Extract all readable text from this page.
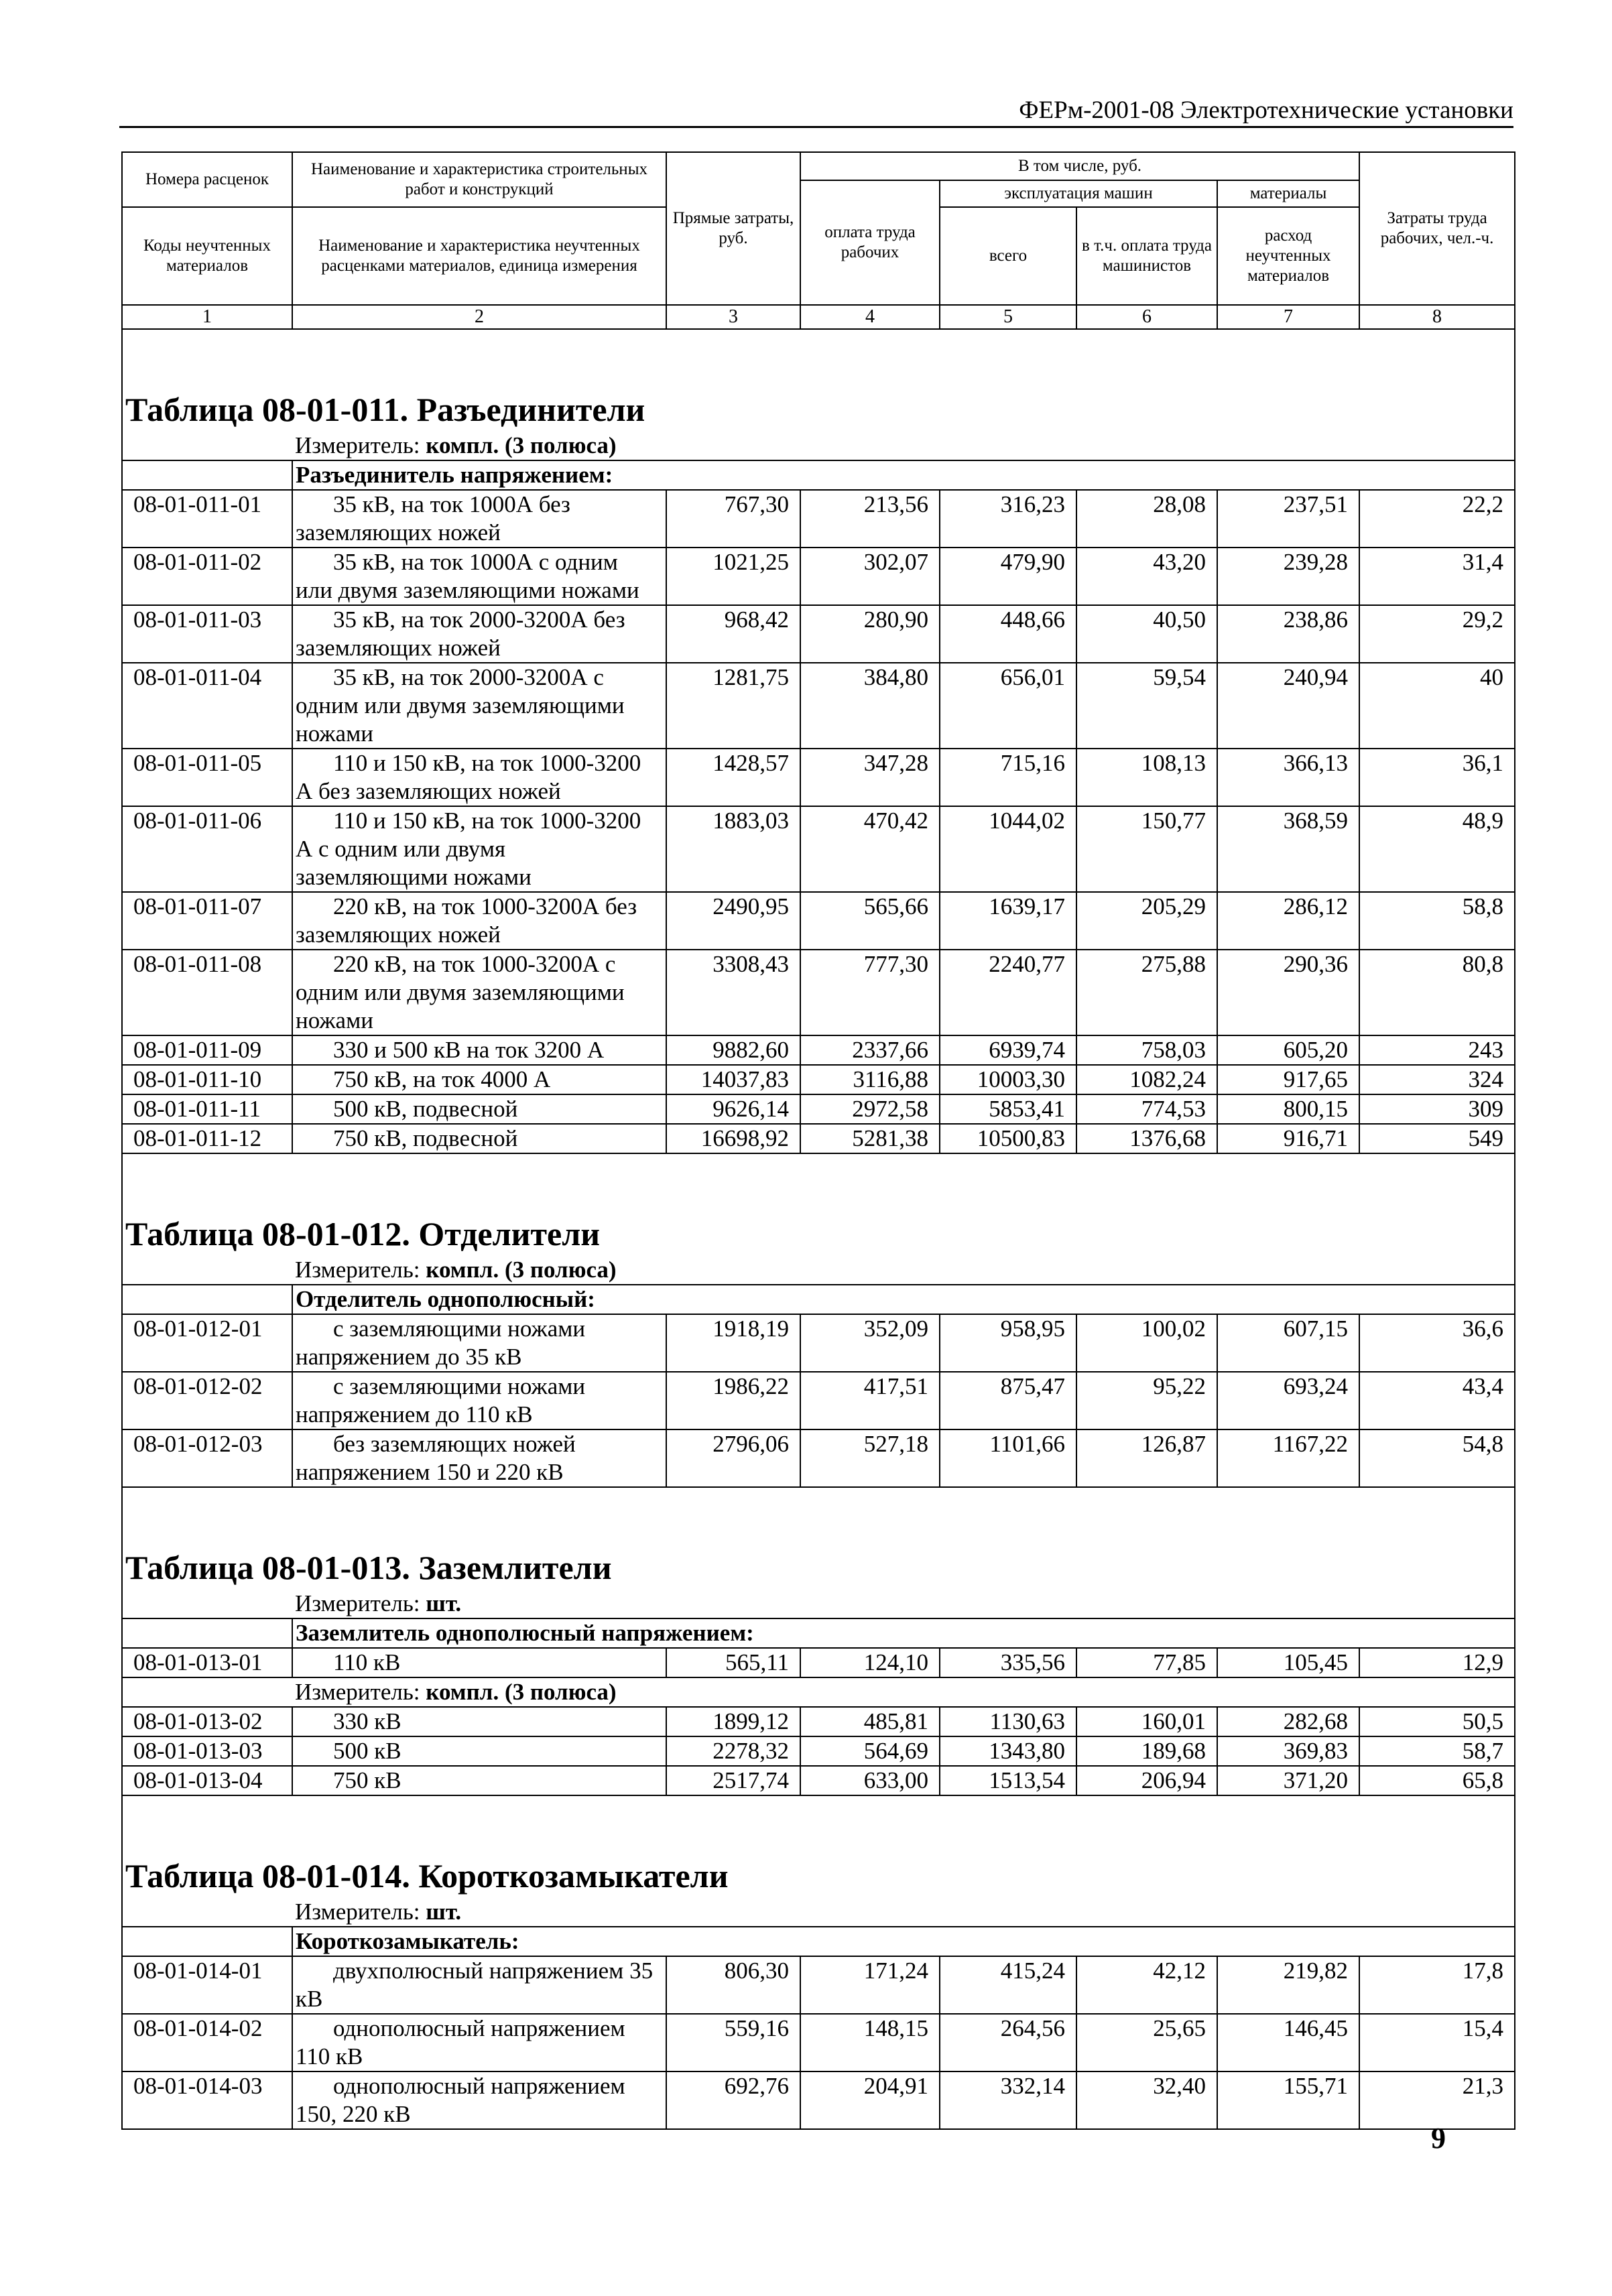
ФЕРм-2001-08 Электротехнические установки
Номера расценок	Наименование и характеристика строительных работ и конструкций	Прямые затраты, руб.	В том числе, руб.				Затраты труда рабочих, чел.-ч.
			оплата труда рабочих	эксплуатация машин		материалы	
Коды неучтенных материалов	Наименование и характеристика неучтенных расценками материалов, единица измерения			всего	в т.ч. оплата труда машинистов	расход неучтенных материалов	

1	2	3	4	5	6	7	8
Таблица 08-01-011. Разъединители							
	Измеритель: компл. (3 полюса)						
	Разъединитель напряжением:						
08-01-011-01	35 кВ, на ток 1000А без заземляющих ножей	767,30	213,56	316,23	28,08	237,51	22,2
08-01-011-02	35 кВ, на ток 1000А с одним или двумя заземляющими ножами	1021,25	302,07	479,90	43,20	239,28	31,4
08-01-011-03	35 кВ, на ток 2000-3200А без заземляющих ножей	968,42	280,90	448,66	40,50	238,86	29,2
08-01-011-04	35 кВ, на ток 2000-3200А с одним или двумя заземляющими ножами	1281,75	384,80	656,01	59,54	240,94	40
08-01-011-05	110 и 150 кВ, на ток 1000-3200 А без заземляющих ножей	1428,57	347,28	715,16	108,13	366,13	36,1
08-01-011-06	110 и 150 кВ, на ток 1000-3200 А с одним или двумя заземляющими ножами	1883,03	470,42	1044,02	150,77	368,59	48,9
08-01-011-07	220 кВ, на ток 1000-3200А без заземляющих ножей	2490,95	565,66	1639,17	205,29	286,12	58,8
08-01-011-08	220 кВ, на ток 1000-3200А с одним или двумя заземляющими ножами	3308,43	777,30	2240,77	275,88	290,36	80,8
08-01-011-09	330 и 500 кВ на ток 3200 А	9882,60	2337,66	6939,74	758,03	605,20	243
08-01-011-10	750 кВ, на ток 4000 А	14037,83	3116,88	10003,30	1082,24	917,65	324
08-01-011-11	500 кВ, подвесной	9626,14	2972,58	5853,41	774,53	800,15	309
08-01-011-12	750 кВ, подвесной	16698,92	5281,38	10500,83	1376,68	916,71	549
Таблица 08-01-012. Отделители							
	Измеритель: компл. (3 полюса)						
	Отделитель однополюсный:						
08-01-012-01	с заземляющими ножами напряжением до 35 кВ	1918,19	352,09	958,95	100,02	607,15	36,6
08-01-012-02	с заземляющими ножами напряжением до 110 кВ	1986,22	417,51	875,47	95,22	693,24	43,4
08-01-012-03	без заземляющих ножей напряжением 150 и 220 кВ	2796,06	527,18	1101,66	126,87	1167,22	54,8
Таблица 08-01-013. Заземлители							
	Измеритель: шт.						
	Заземлитель однополюсный напряжением:						
08-01-013-01	110 кВ	565,11	124,10	335,56	77,85	105,45	12,9
	Измеритель: компл. (3 полюса)						
08-01-013-02	330 кВ	1899,12	485,81	1130,63	160,01	282,68	50,5
08-01-013-03	500 кВ	2278,32	564,69	1343,80	189,68	369,83	58,7
08-01-013-04	750 кВ	2517,74	633,00	1513,54	206,94	371,20	65,8
Таблица 08-01-014. Короткозамыкатели							
	Измеритель: шт.						
	Короткозамыкатель:						
08-01-014-01	двухполюсный напряжением 35 кВ	806,30	171,24	415,24	42,12	219,82	17,8
08-01-014-02	однополюсный напряжением 110 кВ	559,16	148,15	264,56	25,65	146,45	15,4
08-01-014-03	однополюсный напряжением 150, 220 кВ	692,76	204,91	332,14	32,40	155,71	21,3
9
